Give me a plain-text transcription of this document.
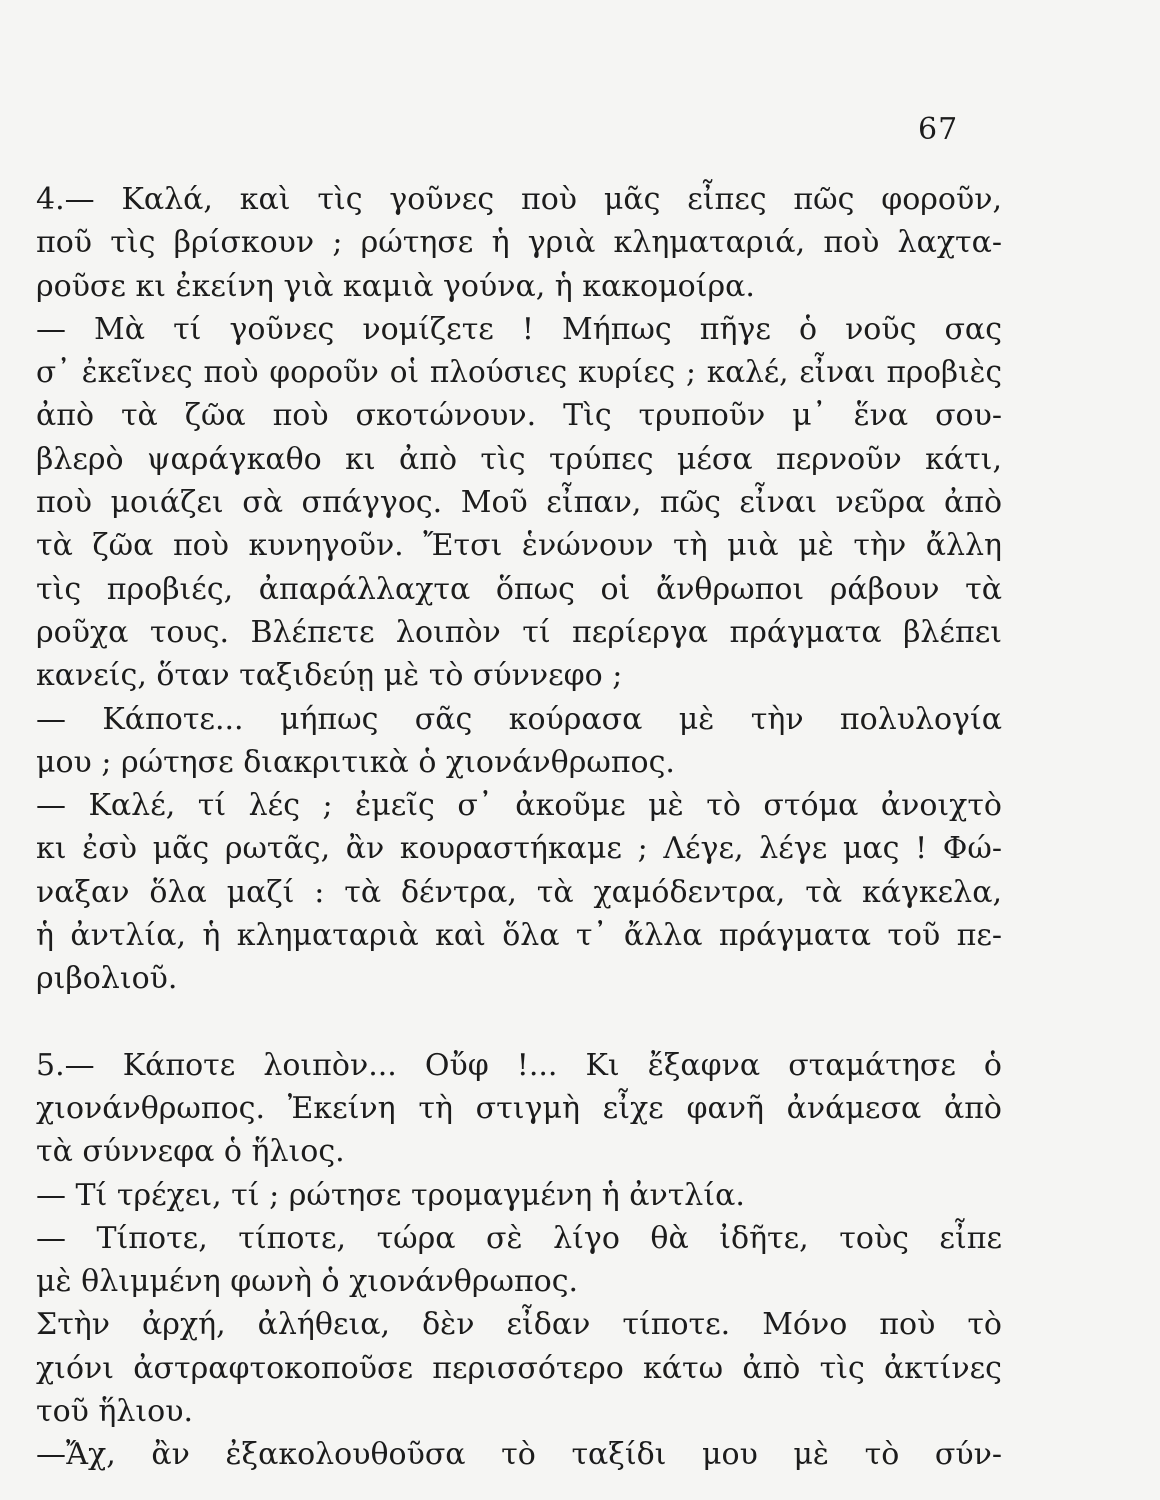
67
4.— Καλά, καὶ τὶς γοῦνες ποὺ μᾶς εἶπες πῶς φοροῦν,
ποῦ τὶς βρίσκουν ; ρώτησε ἡ γριὰ κληματαριά, ποὺ λαχτα-
ροῦσε κι ἐκείνη γιὰ καμιὰ γούνα, ἡ κακομοίρα.
— Μὰ τί γοῦνες νομίζετε ! Μήπως πῆγε ὁ νοῦς σας
σ᾿ ἐκεῖνες ποὺ φοροῦν οἱ πλούσιες κυρίες ; καλέ, εἶναι προβιὲς
ἀπὸ τὰ ζῶα ποὺ σκοτώνουν. Τὶς τρυποῦν μ᾿ ἕνα σου-
βλερὸ ψαράγκαθο κι ἀπὸ τὶς τρύπες μέσα περνοῦν κάτι,
ποὺ μοιάζει σὰ σπάγγος. Μοῦ εἶπαν, πῶς εἶναι νεῦρα ἀπὸ
τὰ ζῶα ποὺ κυνηγοῦν. Ἔτσι ἑνώνουν τὴ μιὰ μὲ τὴν ἄλλη
τὶς προβιές, ἀπαράλλαχτα ὅπως οἱ ἄνθρωποι ράβουν τὰ
ροῦχα τους. Βλέπετε λοιπὸν τί περίεργα πράγματα βλέπει
κανείς, ὅταν ταξιδεύῃ μὲ τὸ σύννεφο ;
— Κάποτε... μήπως σᾶς κούρασα μὲ τὴν πολυλογία
μου ; ρώτησε διακριτικὰ ὁ χιονάνθρωπος.
— Καλέ, τί λές ; ἐμεῖς σ᾿ ἀκοῦμε μὲ τὸ στόμα ἀνοιχτὸ
κι ἐσὺ μᾶς ρωτᾶς, ἂν κουραστήκαμε ; Λέγε, λέγε μας ! Φώ-
ναξαν ὅλα μαζί : τὰ δέντρα, τὰ χαμόδεντρα, τὰ κάγκελα,
ἡ ἀντλία, ἡ κληματαριὰ καὶ ὅλα τ᾿ ἄλλα πράγματα τοῦ πε-
ριβολιοῦ.
5.— Κάποτε λοιπὸν... Οὔφ !... Κι ἔξαφνα σταμάτησε ὁ
χιονάνθρωπος. Ἐκείνη τὴ στιγμὴ εἶχε φανῆ ἀνάμεσα ἀπὸ
τὰ σύννεφα ὁ ἥλιος.
— Τί τρέχει, τί ; ρώτησε τρομαγμένη ἡ ἀντλία.
— Τίποτε, τίποτε, τώρα σὲ λίγο θὰ ἰδῆτε, τοὺς εἶπε
μὲ θλιμμένη φωνὴ ὁ χιονάνθρωπος.
Στὴν ἀρχή, ἀλήθεια, δὲν εἶδαν τίποτε. Μόνο ποὺ τὸ
χιόνι ἀστραφτοκοποῦσε περισσότερο κάτω ἀπὸ τὶς ἀκτίνες
τοῦ ἥλιου.
—Ἄχ, ἂν ἐξακολουθοῦσα τὸ ταξίδι μου μὲ τὸ σύν-
